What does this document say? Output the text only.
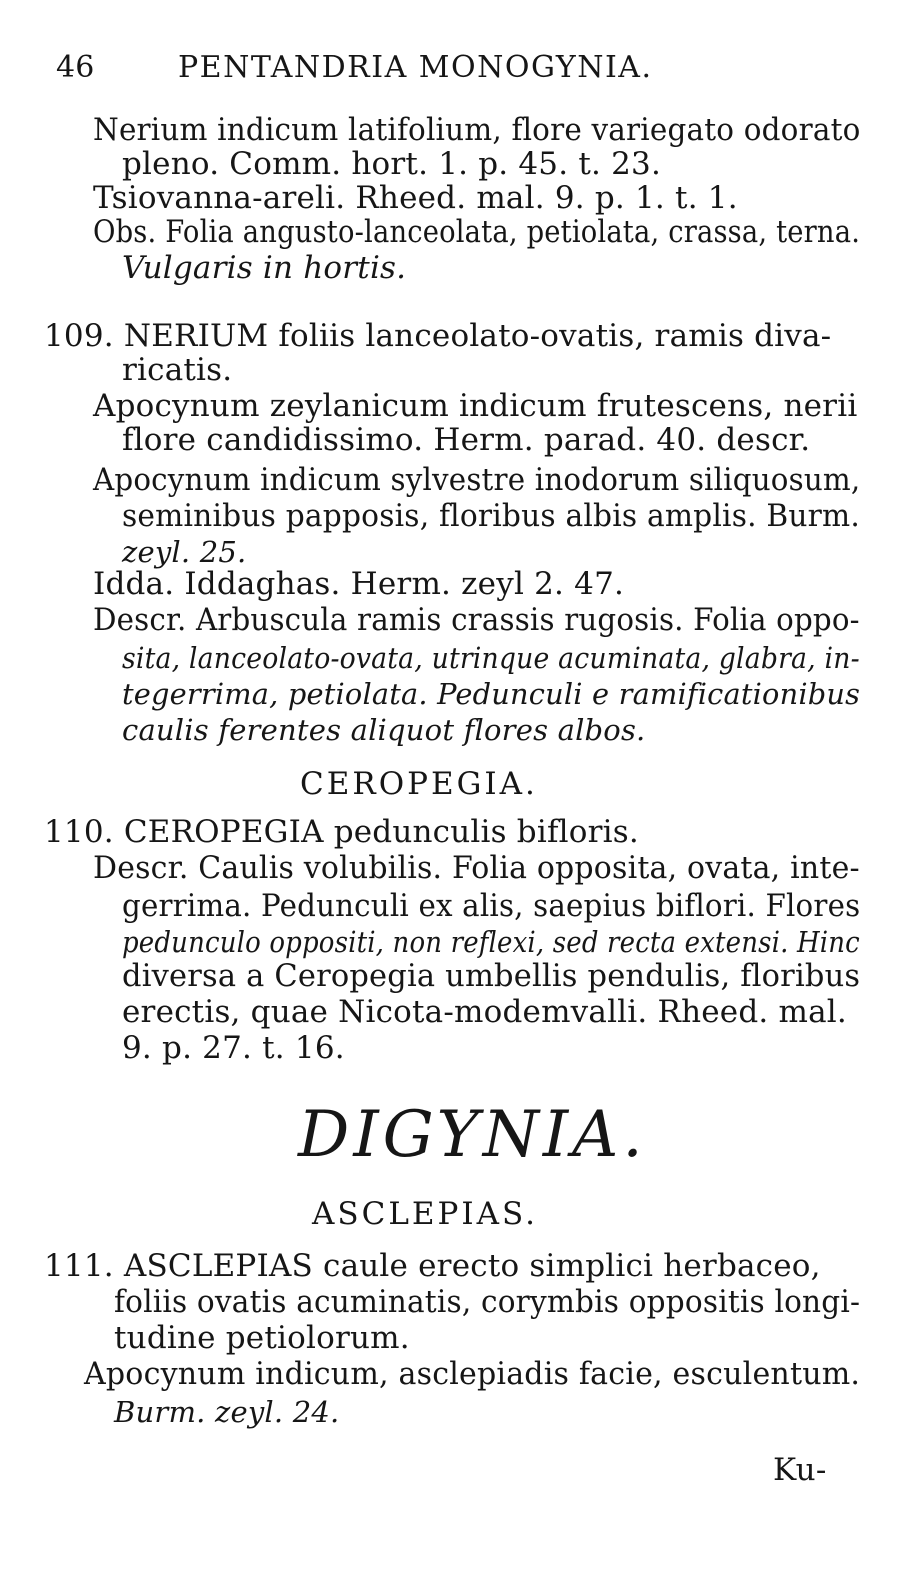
46	PENTANDRIA MONOGYNIA.
Nerium indicum latifolium, flore variegato odorato
pleno. Comm. hort. 1. p. 45. t. 23.
Tsiovanna-areli. Rheed. mal. 9. p. 1. t. 1.
Obs. Folia angusto-lanceolata, petiolata, crassa, terna.
Vulgaris in hortis.
109. NERIUM foliis lanceolato-ovatis, ramis diva-
ricatis.
Apocynum zeylanicum indicum frutescens, nerii
flore candidissimo. Herm. parad. 40. descr.
Apocynum indicum sylvestre inodorum siliquosum,
seminibus papposis, floribus albis amplis. Burm.
zeyl. 25.
Idda. Iddaghas. Herm. zeyl 2. 47.
Descr. Arbuscula ramis crassis rugosis. Folia oppo-
sita, lanceolato-ovata, utrinque acuminata, glabra, in-
tegerrima, petiolata. Pedunculi e ramificationibus
caulis ferentes aliquot flores albos.
CEROPEGIA.
110. CEROPEGIA pedunculis bifloris.
Descr. Caulis volubilis. Folia opposita, ovata, inte-
gerrima. Pedunculi ex alis, saepius biflori. Flores
pedunculo oppositi, non reflexi, sed recta extensi. Hinc
diversa a Ceropegia umbellis pendulis, floribus
erectis, quae Nicota-modemvalli. Rheed. mal.
9. p. 27. t. 16.
DIGYNIA.
ASCLEPIAS.
111. ASCLEPIAS caule erecto simplici herbaceo,
foliis ovatis acuminatis, corymbis oppositis longi-
tudine petiolorum.
Apocynum indicum, asclepiadis facie, esculentum.
Burm. zeyl. 24.
Ku-
